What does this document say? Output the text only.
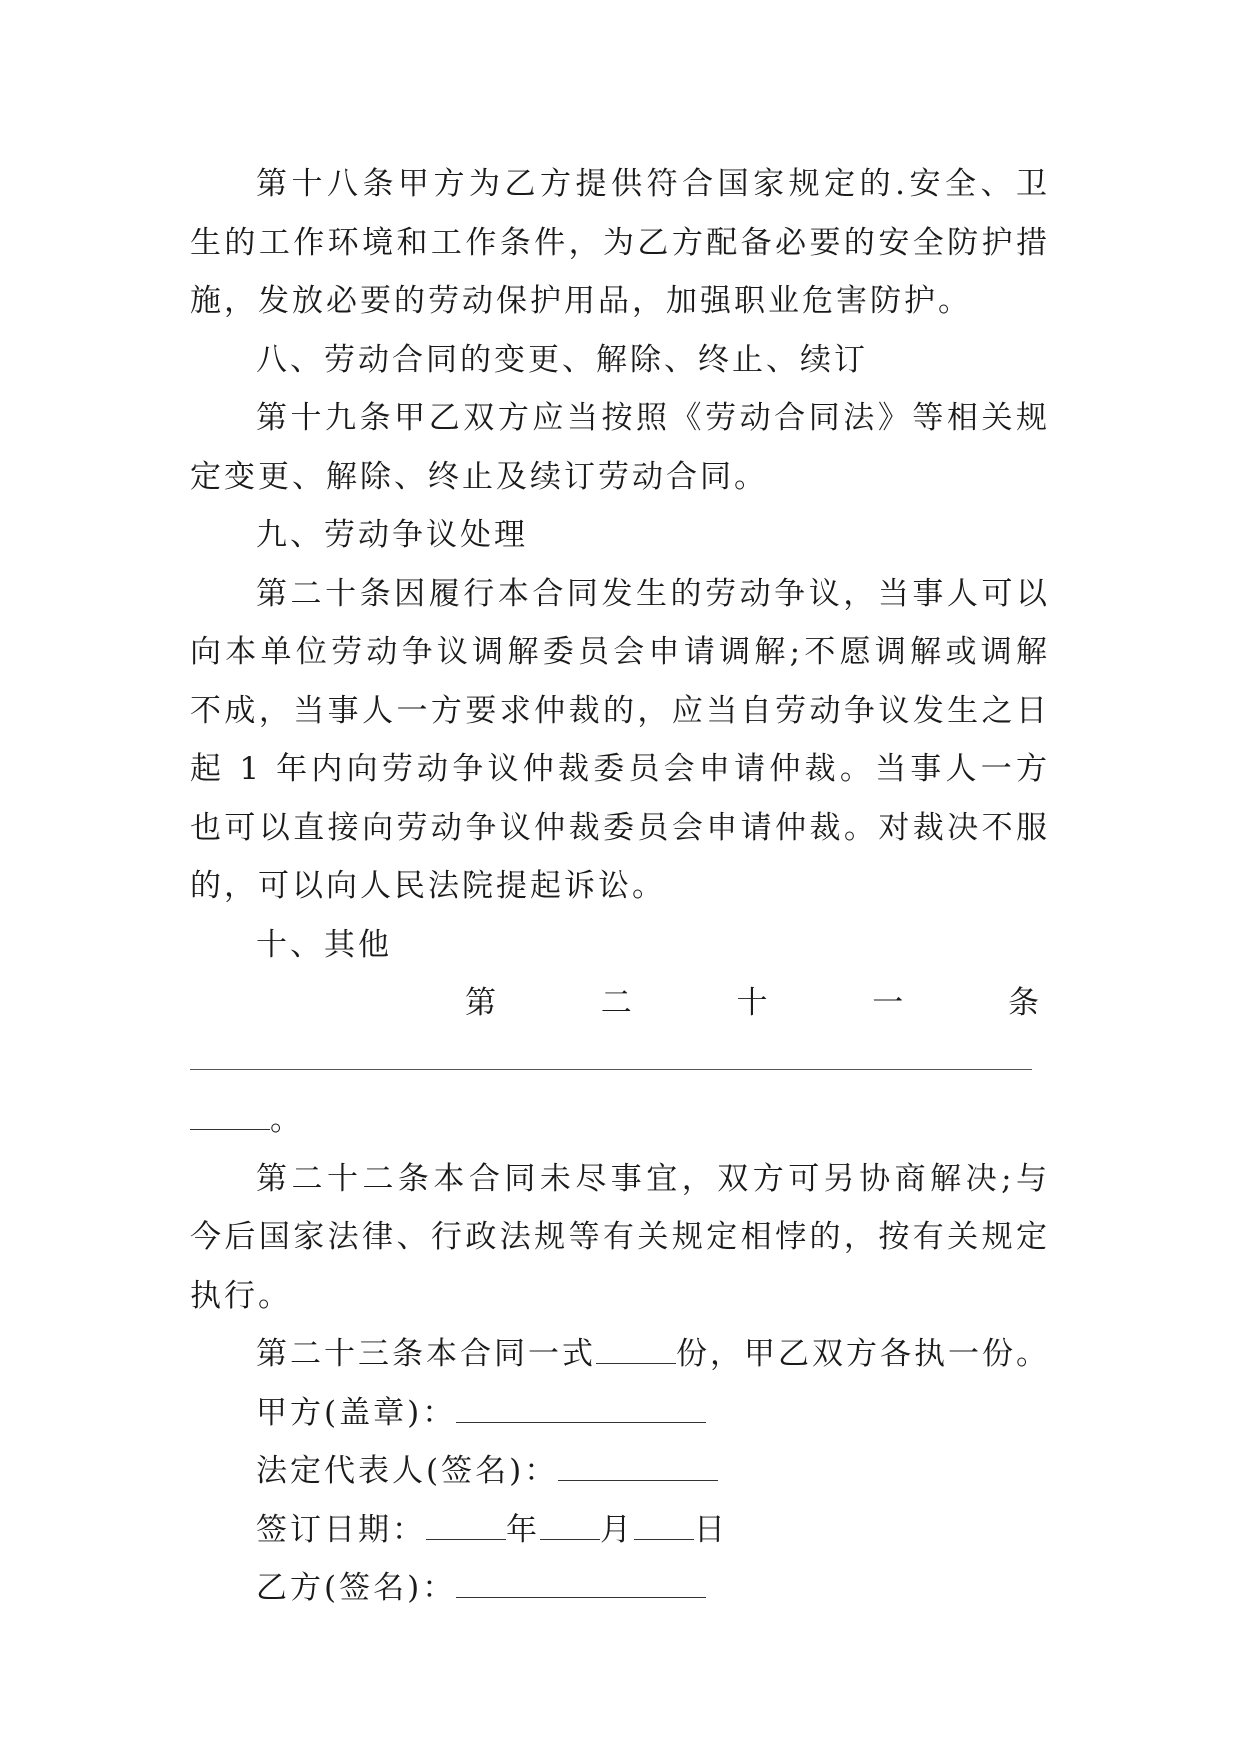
第十八条甲方为乙方提供符合国家规定的.安全、卫生的工作环境和工作条件，为乙方配备必要的安全防护措施，发放必要的劳动保护用品，加强职业危害防护。

八、劳动合同的变更、解除、终止、续订

第十九条甲乙双方应当按照《劳动合同法》等相关规定变更、解除、终止及续订劳动合同。

九、劳动争议处理

第二十条因履行本合同发生的劳动争议，当事人可以向本单位劳动争议调解委员会申请调解;不愿调解或调解不成，当事人一方要求仲裁的，应当自劳动争议发生之日起 1 年内向劳动争议仲裁委员会申请仲裁。当事人一方也可以直接向劳动争议仲裁委员会申请仲裁。对裁决不服的，可以向人民法院提起诉讼。

十、其他

第	二	十	一	条

。

第二十二条本合同未尽事宜，双方可另协商解决;与今后国家法律、行政法规等有关规定相悖的，按有关规定执行。

第二十三条本合同一式	份，甲乙双方各执一份。

甲方(盖章)：

法定代表人(签名)：

签订日期：	年 月 日

乙方(签名)：
